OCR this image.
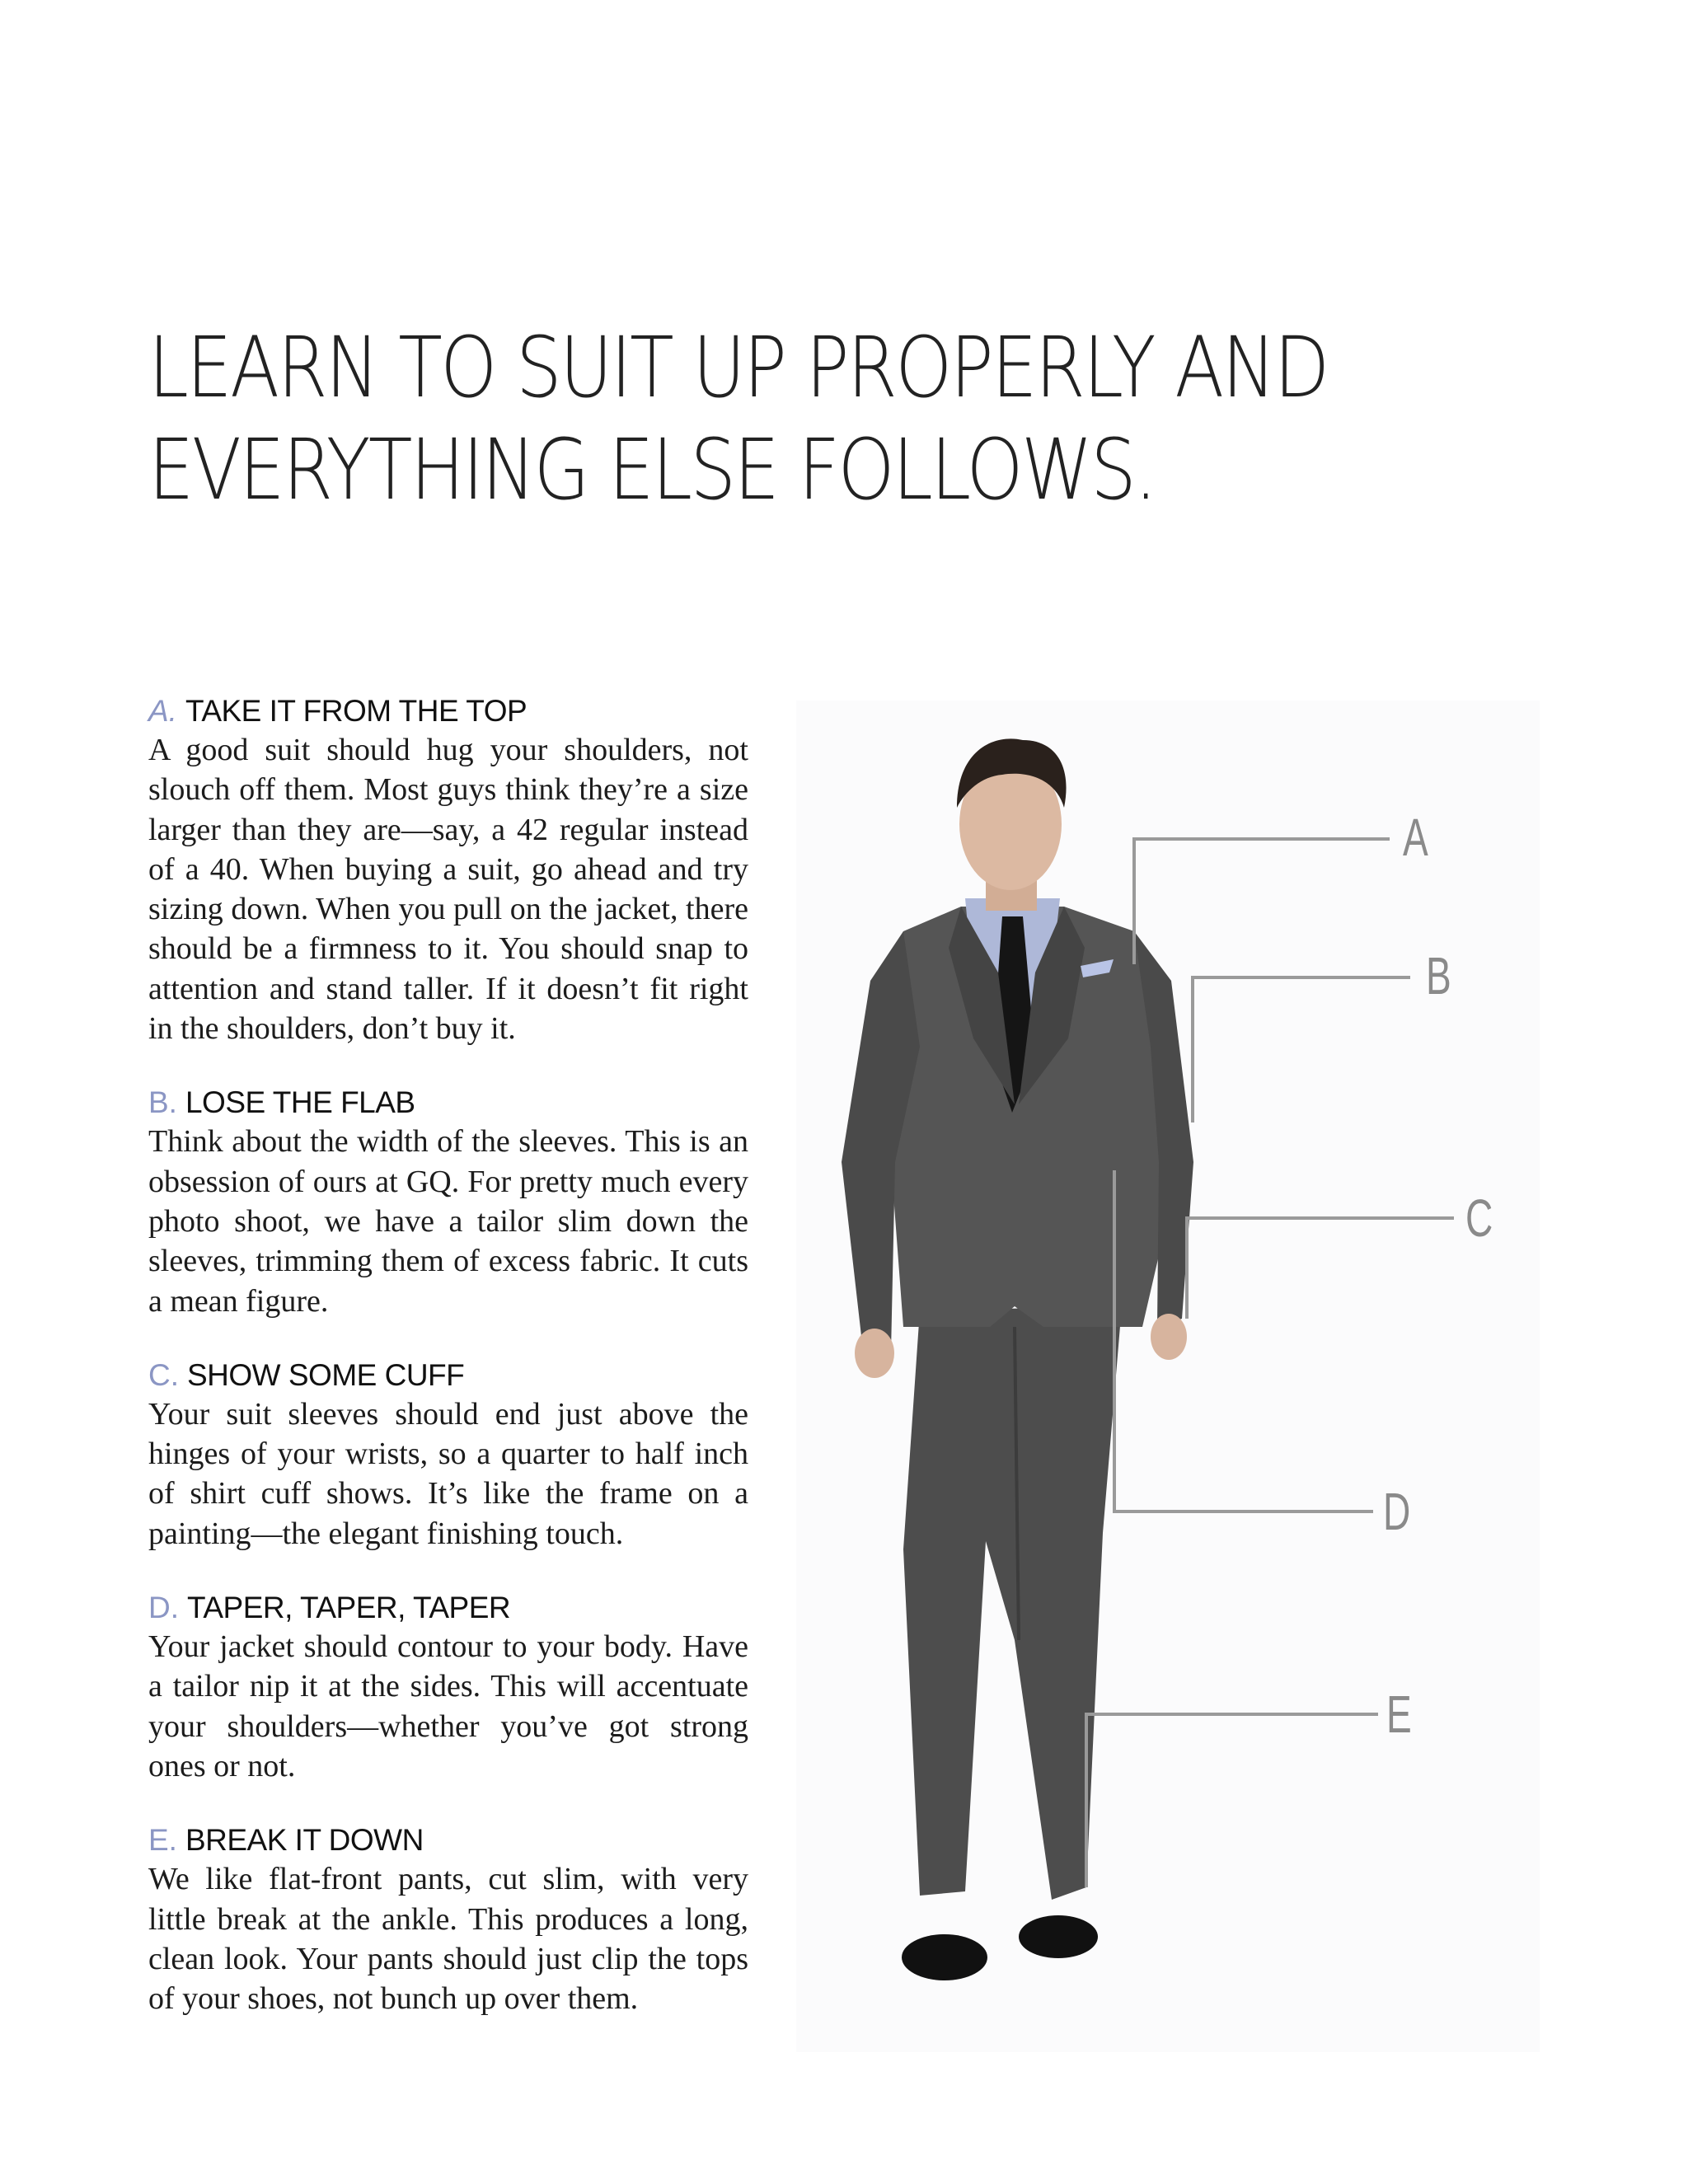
LEARN TO SUIT UP PROPERLY AND
EVERYTHING ELSE FOLLOWS.
A. TAKE IT FROM THE TOP

A good suit should hug your shoulders, not slouch off them. Most guys think they’re a size larger than they are—say, a 42 regular instead of a 40. When buying a suit, go ahead and try sizing down. When you pull on the jacket, there should be a firmness to it. You should snap to attention and stand taller. If it doesn’t fit right in the shoulders, don’t buy it.

B. LOSE THE FLAB

Think about the width of the sleeves. This is an obsession of ours at GQ. For pretty much every photo shoot, we have a tailor slim down the sleeves, trimming them of excess fabric. It cuts a mean figure.

C. SHOW SOME CUFF

Your suit sleeves should end just above the hinges of your wrists, so a quarter to half inch of shirt cuff shows. It’s like the frame on a painting—the elegant finishing touch.

D. TAPER, TAPER, TAPER

Your jacket should contour to your body. Have a tailor nip it at the sides. This will accentuate your shoulders—whether you’ve got strong ones or not.

E. BREAK IT DOWN

We like flat-front pants, cut slim, with very little break at the ankle. This produces a long, clean look. Your pants should just clip the tops of your shoes, not bunch up over them.

A
B
C
D
E
